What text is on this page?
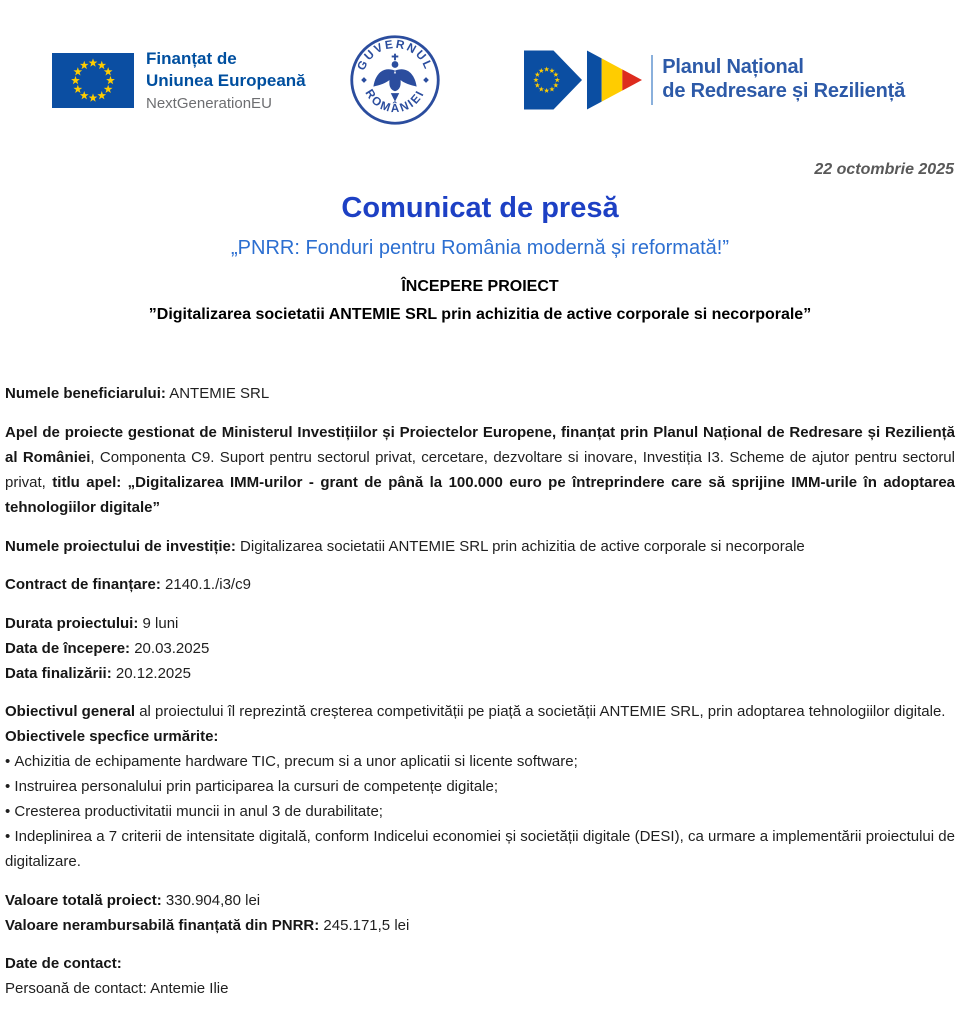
Finanțat de
Uniunea Europeană
NextGenerationEU
GUVERNUL
ROMÂNIEI
Planul Național
de Redresare și Reziliență
22 octombrie 2025
Comunicat de presă
„PNRR: Fonduri pentru România modernă și reformată!”
ÎNCEPERE PROIECT
”Digitalizarea societatii ANTEMIE SRL prin achizitia de active corporale si necorporale”

Numele beneficiarului: ANTEMIE SRL

Apel de proiecte gestionat de Ministerul Investițiilor și Proiectelor Europene, finanțat prin Planul Național de Redresare și Reziliență al României, Componenta C9. Suport pentru sectorul privat, cercetare, dezvoltare si inovare, Investiția I3. Scheme de ajutor pentru sectorul privat, titlu apel: „Digitalizarea IMM-urilor - grant de până la 100.000 euro pe întreprindere care să sprijine IMM-urile în adoptarea tehnologiilor digitale”

Numele proiectului de investiție: Digitalizarea societatii ANTEMIE SRL prin achizitia de active corporale si necorporale

Contract de finanțare: 2140.1./i3/c9

Durata proiectului: 9 luni

Data de începere: 20.03.2025

Data finalizării: 20.12.2025

Obiectivul general al proiectului îl reprezintă creșterea competivității pe piață a societății ANTEMIE SRL, prin adoptarea tehnologiilor digitale.

Obiectivele specfice urmărite:

• Achizitia de echipamente hardware TIC, precum si a unor aplicatii si licente software;
• Instruirea personalului prin participarea la cursuri de competențe digitale;
• Cresterea productivitatii muncii in anul 3 de durabilitate;
• Indeplinirea a 7 criterii de intensitate digitală, conform Indicelui economiei și societății digitale (DESI), ca urmare a implementării proiectului de digitalizare.

Valoare totală proiect: 330.904,80 lei

Valoare nerambursabilă finanțată din PNRR: 245.171,5 lei

Date de contact:

Persoană de contact: Antemie Ilie
